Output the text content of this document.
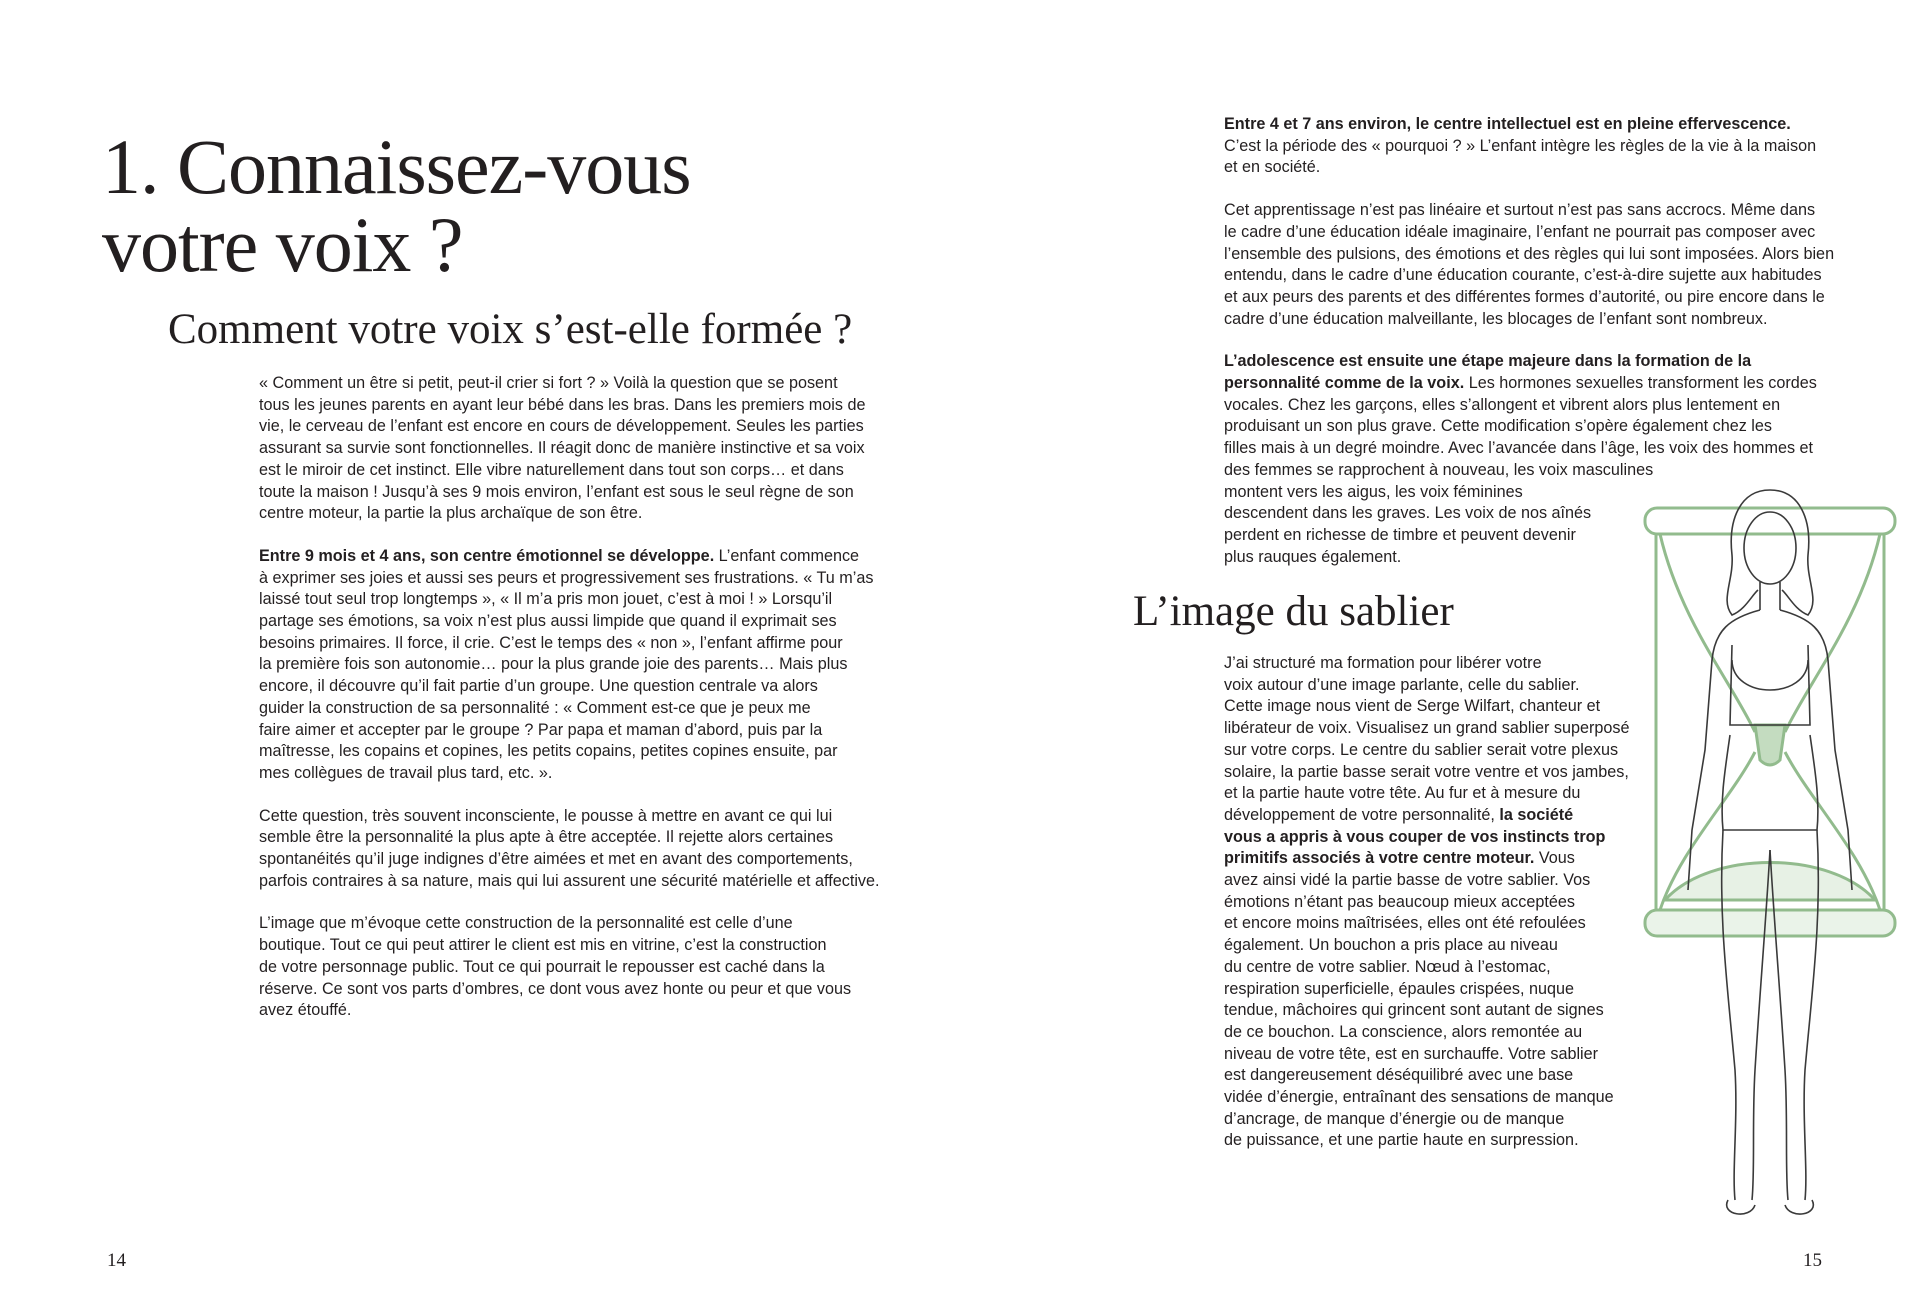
1. Connaissez-vous
votre voix ?
Comment votre voix s’est-elle formée ?

« Comment un être si petit, peut-il crier si fort ? » Voilà la question que se posent
tous les jeunes parents en ayant leur bébé dans les bras. Dans les premiers mois de
vie, le cerveau de l’enfant est encore en cours de développement. Seules les parties
assurant sa survie sont fonctionnelles. Il réagit donc de manière instinctive et sa voix
est le miroir de cet instinct. Elle vibre naturellement dans tout son corps… et dans
toute la maison ! Jusqu’à ses 9 mois environ, l’enfant est sous le seul règne de son
centre moteur, la partie la plus archaïque de son être.

Entre 9 mois et 4 ans, son centre émotionnel se développe. L’enfant commence
à exprimer ses joies et aussi ses peurs et progressivement ses frustrations. « Tu m’as
laissé tout seul trop longtemps », « Il m’a pris mon jouet, c’est à moi ! » Lorsqu’il
partage ses émotions, sa voix n’est plus aussi limpide que quand il exprimait ses
besoins primaires. Il force, il crie. C’est le temps des « non », l’enfant affirme pour
la première fois son autonomie… pour la plus grande joie des parents… Mais plus
encore, il découvre qu’il fait partie d’un groupe. Une question centrale va alors
guider la construction de sa personnalité : « Comment est-ce que je peux me
faire aimer et accepter par le groupe ? Par papa et maman d’abord, puis par la
maîtresse, les copains et copines, les petits copains, petites copines ensuite, par
mes collègues de travail plus tard, etc. ».

Cette question, très souvent inconsciente, le pousse à mettre en avant ce qui lui
semble être la personnalité la plus apte à être acceptée. Il rejette alors certaines
spontanéités qu’il juge indignes d’être aimées et met en avant des comportements,
parfois contraires à sa nature, mais qui lui assurent une sécurité matérielle et affective.

L’image que m’évoque cette construction de la personnalité est celle d’une
boutique. Tout ce qui peut attirer le client est mis en vitrine, c’est la construction
de votre personnage public. Tout ce qui pourrait le repousser est caché dans la
réserve. Ce sont vos parts d’ombres, ce dont vous avez honte ou peur et que vous
avez étouffé.

14

Entre 4 et 7 ans environ, le centre intellectuel est en pleine effervescence.
C’est la période des « pourquoi ? » L’enfant intègre les règles de la vie à la maison
et en société.

Cet apprentissage n’est pas linéaire et surtout n’est pas sans accrocs. Même dans
le cadre d’une éducation idéale imaginaire, l’enfant ne pourrait pas composer avec
l’ensemble des pulsions, des émotions et des règles qui lui sont imposées. Alors bien
entendu, dans le cadre d’une éducation courante, c’est-à-dire sujette aux habitudes
et aux peurs des parents et des différentes formes d’autorité, ou pire encore dans le
cadre d’une éducation malveillante, les blocages de l’enfant sont nombreux.

L’adolescence est ensuite une étape majeure dans la formation de la
personnalité comme de la voix. Les hormones sexuelles transforment les cordes
vocales. Chez les garçons, elles s’allongent et vibrent alors plus lentement en
produisant un son plus grave. Cette modification s’opère également chez les
filles mais à un degré moindre. Avec l’avancée dans l’âge, les voix des hommes et
des femmes se rapprochent à nouveau, les voix masculines
montent vers les aigus, les voix féminines
descendent dans les graves. Les voix de nos aînés
perdent en richesse de timbre et peuvent devenir
plus rauques également.

L’image du sablier

J’ai structuré ma formation pour libérer votre
voix autour d’une image parlante, celle du sablier.
Cette image nous vient de Serge Wilfart, chanteur et
libérateur de voix. Visualisez un grand sablier superposé
sur votre corps. Le centre du sablier serait votre plexus
solaire, la partie basse serait votre ventre et vos jambes,
et la partie haute votre tête. Au fur et à mesure du
développement de votre personnalité, la société
vous a appris à vous couper de vos instincts trop
primitifs associés à votre centre moteur. Vous
avez ainsi vidé la partie basse de votre sablier. Vos
émotions n’étant pas beaucoup mieux acceptées
et encore moins maîtrisées, elles ont été refoulées
également. Un bouchon a pris place au niveau
du centre de votre sablier. Nœud à l’estomac,
respiration superficielle, épaules crispées, nuque
tendue, mâchoires qui grincent sont autant de signes
de ce bouchon. La conscience, alors remontée au
niveau de votre tête, est en surchauffe. Votre sablier
est dangereusement déséquilibré avec une base
vidée d’énergie, entraînant des sensations de manque
d’ancrage, de manque d’énergie ou de manque
de puissance, et une partie haute en surpression.

15
